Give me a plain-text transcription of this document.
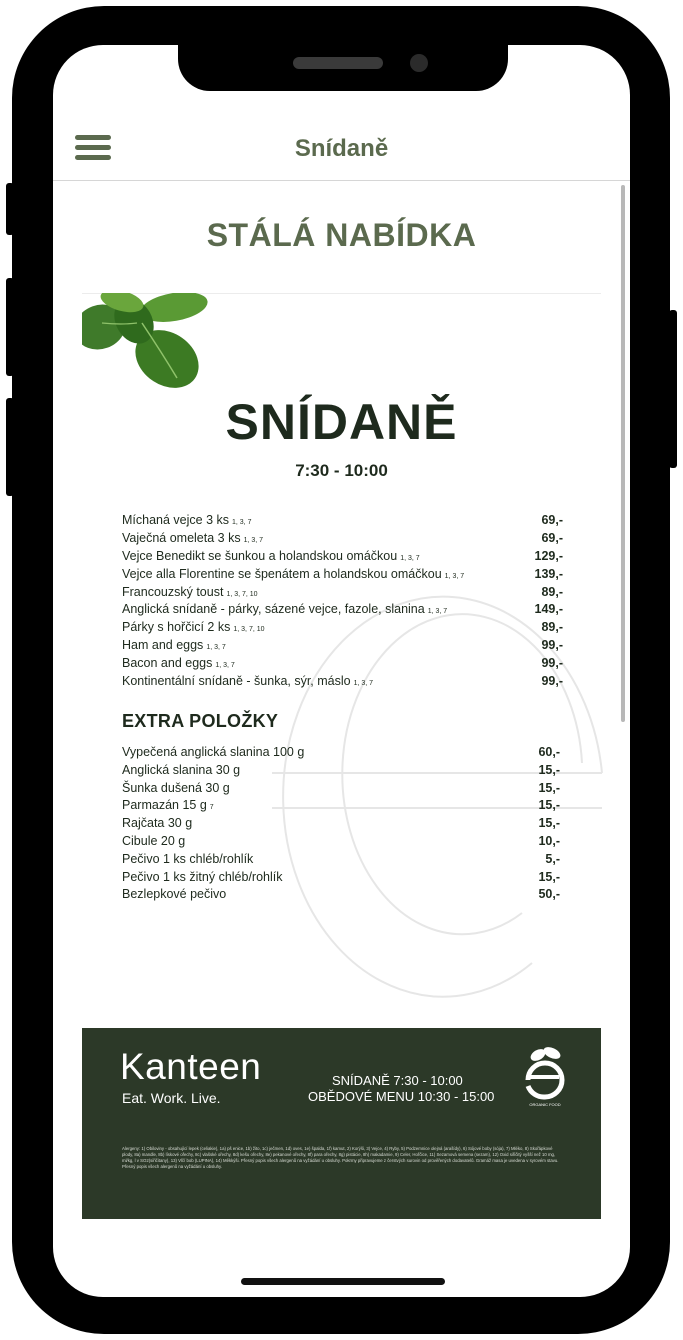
Snídaně
STÁLÁ NABÍDKA
SNÍDANĚ
7:30 - 10:00
Míchaná vejce 3 ks 1, 3, 7	69,-
Vaječná omeleta 3 ks 1, 3, 7	69,-
Vejce Benedikt se šunkou a holandskou omáčkou 1, 3, 7	129,-
Vejce alla Florentine se špenátem a holandskou omáčkou 1, 3, 7	139,-
Francouzský toust 1, 3, 7, 10	89,-
Anglická snídaně - párky, sázené vejce, fazole, slanina 1, 3, 7	149,-
Párky s hořčicí 2 ks 1, 3, 7, 10	89,-
Ham and eggs 1, 3, 7	99,-
Bacon and eggs 1, 3, 7	99,-
Kontinentální snídaně - šunka, sýr, máslo 1, 3, 7	99,-
EXTRA POLOŽKY
Vypečená anglická slanina 100 g	60,-
Anglická slanina 30 g	15,-
Šunka dušená 30 g	15,-
Parmazán 15 g 7	15,-
Rajčata 30 g	15,-
Cibule 20 g	10,-
Pečivo 1 ks chléb/rohlík	5,-
Pečivo 1 ks žitný chléb/rohlík	15,-
Bezlepkové pečivo	50,-
Kanteen
Eat. Work. Live.
SNÍDANĚ 7:30 - 10:00
OBĚDOVÉ MENU 10:30 - 15:00
ORGANIC FOOD
Alergeny: 1) Obiloviny - obsahující lepek (celiakie), 1a) pš enice, 1b) žito, 1c) ječmen, 1d) oves, 1e) špalda, 1f) kamut, 2) Korýši, 3) Vejce, 4) Ryby, 5) Podzemnice olejná (arašídy), 6) Sójové boby (sója), 7) Mléko, 8) Skořápkové plody, 8a) mandle, 8b) lískové ořechy, 8c) vlašské ořechy, 8d) kešu ořechy, 8e) pekanové ořechy, 8f) para ořechy, 8g) pistácie, 8h) makadamie, 9) Celer, Hořčice, 11) Sezamová semena (sezam), 12) Oxid siřičitý vyšší než 10 mg, ml/kg, l v SO2(siřičitany), 13) Vlčí bob (LUPINA), 14) Měkkýši. Přesný popis všech alergenů na vyžádání u obsluhy. Pokrmy připravujeme z čerstvých surovin od prověřených dodavatelů. Gramáž masa je uvedena v syrovém stavu. Přesný popis všech alergenů na vyžádání u obsluhy.
